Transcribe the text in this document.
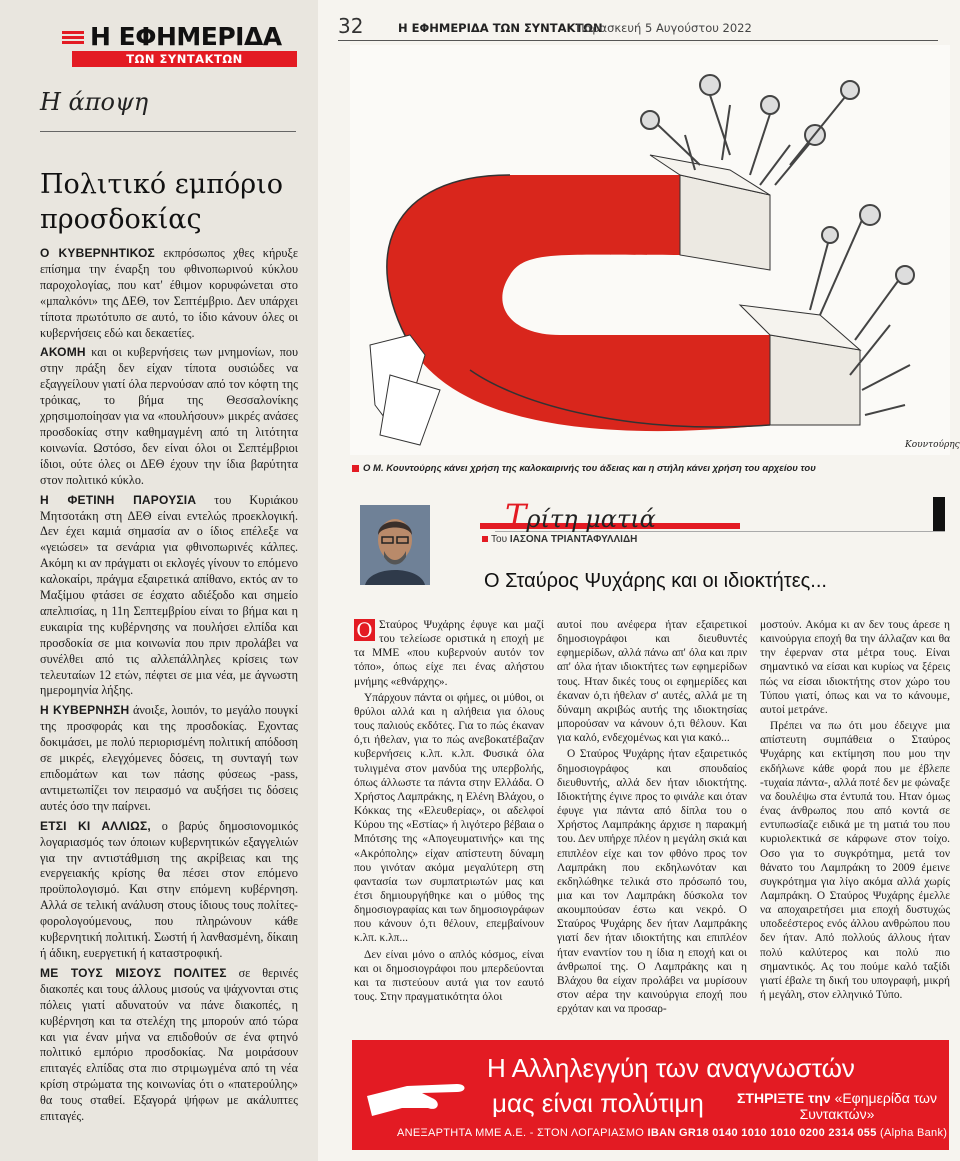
Η ΕΦΗΜΕΡΙΔΑ
ΤΩΝ ΣΥΝΤΑΚΤΩΝ
Η άποψη
Πολιτικό εμπόριο προσδοκίας

Ο ΚΥΒΕΡΝΗΤΙΚΟΣ εκπρόσωπος χθες κήρυξε επίσημα την έναρξη του φθινοπωρινού κύκλου παροχολογίας, που κατ' έθιμον κορυφώνεται στο «μπαλκόνι» της ΔΕΘ, τον Σεπτέμβριο. Δεν υπάρχει τίποτα πρωτότυπο σε αυτό, το ίδιο κάνουν όλες οι κυβερνήσεις εδώ και δεκαετίες.

ΑΚΟΜΗ και οι κυβερνήσεις των μνημονίων, που στην πράξη δεν είχαν τίποτα ουσιώδες να εξαγγείλουν γιατί όλα περνούσαν από τον κόφτη της τρόικας, το βήμα της Θεσσαλονίκης χρησιμοποίησαν για να «πουλήσουν» μικρές ανάσες προσδοκίας στην καθημαγμένη από τη λιτότητα κοινωνία. Ωστόσο, δεν είναι όλοι οι Σεπτέμβριοι ίδιοι, ούτε όλες οι ΔΕΘ έχουν την ίδια βαρύτητα στον πολιτικό κύκλο.

Η ΦΕΤΙΝΗ ΠΑΡΟΥΣΙΑ του Κυριάκου Μητσοτάκη στη ΔΕΘ είναι εντελώς προεκλογική. Δεν έχει καμιά σημασία αν ο ίδιος επέλεξε να «γειώσει» τα σενάρια για φθινοπωρινές κάλπες. Ακόμη κι αν πράγματι οι εκλογές γίνουν το επόμενο καλοκαίρι, πράγμα εξαιρετικά απίθανο, εκτός αν το Μαξίμου φτάσει σε έσχατο αδιέξοδο και σημείο απελπισίας, η 11η Σεπτεμβρίου είναι το βήμα και η ευκαιρία της κυβέρνησης να πουλήσει ελπίδα και προσδοκία σε μια κοινωνία που πριν προλάβει να συνέλθει από τις αλλεπάλληλες κρίσεις των τελευταίων 12 ετών, πέφτει σε μια νέα, με άγνωστη ημερομηνία λήξης.

Η ΚΥΒΕΡΝΗΣΗ άνοιξε, λοιπόν, το μεγάλο πουγκί της προσφοράς και της προσδοκίας. Εχοντας δοκιμάσει, με πολύ περιορισμένη πολιτική απόδοση σε μικρές, ελεγχόμενες δόσεις, τη συνταγή των επιδομάτων και των πάσης φύσεως -pass, αντιμετωπίζει τον πειρασμό να αυξήσει τις δόσεις αυτές όσο την παίρνει.

ΕΤΣΙ ΚΙ ΑΛΛΙΩΣ, ο βαρύς δημοσιονομικός λογαριασμός των όποιων κυβερνητικών εξαγγελιών για την αντιστάθμιση της ακρίβειας και της ενεργειακής κρίσης θα πέσει στον επόμενο προϋπολογισμό. Και στην επόμενη κυβέρνηση. Αλλά σε τελική ανάλυση στους ίδιους τους πολίτες-φορολογούμενους, που πληρώνουν κάθε κυβερνητική πολιτική. Σωστή ή λανθασμένη, δίκαιη ή άδικη, ευεργετική ή καταστροφική.

ΜΕ ΤΟΥΣ ΜΙΣΟΥΣ ΠΟΛΙΤΕΣ σε θερινές διακοπές και τους άλλους μισούς να ψάχνονται στις πόλεις γιατί αδυνατούν να πάνε διακοπές, η κυβέρνηση και τα στελέχη της μπορούν από τώρα και για έναν μήνα να επιδοθούν σε ένα φτηνό πολιτικό εμπόριο προσδοκίας. Να μοιράσουν επιταγές ελπίδας στα πιο στριμωγμένα από τη νέα κρίση στρώματα της κοινωνίας ότι ο «πατερούλης» θα τους σταθεί. Εξαγορά ψήφων με ακάλυπτες επιταγές.

32	Η ΕΦΗΜΕΡΙΔΑ ΤΩΝ ΣΥΝΤΑΚΤΩΝ
Παρασκευή 5 Αυγούστου 2022
Κουντούρης
Ο Μ. Κουντούρης κάνει χρήση της καλοκαιρινής του άδειας και η στήλη κάνει χρήση του αρχείου του
Τρίτη ματιά
Του ΙΑΣΟΝΑ ΤΡΙΑΝΤΑΦΥΛΛΙΔΗ
Ο Σταύρος Ψυχάρης και οι ιδιοκτήτες...

Ο Σταύρος Ψυχάρης έφυγε και μαζί του τελείωσε οριστικά η εποχή με τα ΜΜΕ «που κυβερνούν αυτόν τον τόπο», όπως είχε πει ένας αλήστου μνήμης «εθνάρχης».

Υπάρχουν πάντα οι φήμες, οι μύθοι, οι θρύλοι αλλά και η αλήθεια για όλους τους παλιούς εκδότες. Για το πώς έκαναν ό,τι ήθελαν, για το πώς ανεβοκατέβαζαν κυβερνήσεις κ.λπ. κ.λπ. Φυσικά όλα τυλιγμένα στον μανδύα της υπερβολής, όπως άλλωστε τα πάντα στην Ελλάδα. Ο Χρήστος Λαμπράκης, η Ελένη Βλάχου, ο Κόκκας της «Ελευθερίας», οι αδελφοί Κύρου της «Εστίας» ή λιγότερο βέβαια ο Μπότσης της «Απογευματινής» και της «Ακρόπολης» είχαν απίστευτη δύναμη που γινόταν ακόμα μεγαλύτερη στη φαντασία των συμπατριωτών μας και έτσι δημιουργήθηκε και ο μύθος της δημοσιογραφίας και των δημοσιογράφων που κάνουν ό,τι θέλουν, επεμβαίνουν κ.λπ. κ.λπ...

Δεν είναι μόνο ο απλός κόσμος, είναι και οι δημοσιογράφοι που μπερδεύονται και τα πιστεύουν αυτά για τον εαυτό τους. Στην πραγματικότητα όλοι

αυτοί που ανέφερα ήταν εξαιρετικοί δημοσιογράφοι και διευθυντές εφημερίδων, αλλά πάνω απ' όλα και πριν απ' όλα ήταν ιδιοκτήτες των εφημερίδων τους. Ηταν δικές τους οι εφημερίδες και έκαναν ό,τι ήθελαν σ' αυτές, αλλά με τη δύναμη ακριβώς αυτής της ιδιοκτησίας μπορούσαν να κάνουν ό,τι θέλουν. Και για καλό, ενδεχομένως και για κακό...

Ο Σταύρος Ψυχάρης ήταν εξαιρετικός δημοσιογράφος και σπουδαίος διευθυντής, αλλά δεν ήταν ιδιοκτήτης. Ιδιοκτήτης έγινε προς το φινάλε και όταν έφυγε για πάντα από δίπλα του ο Χρήστος Λαμπράκης άρχισε η παρακμή του. Δεν υπήρχε πλέον η μεγάλη σκιά και επιπλέον είχε και τον φθόνο προς τον Λαμπράκη που εκδηλωνόταν και εκδηλώθηκε τελικά στο πρόσωπό του, μια και τον Λαμπράκη δύσκολα τον ακουμπούσαν έστω και νεκρό. Ο Σταύρος Ψυχάρης δεν ήταν Λαμπράκης γιατί δεν ήταν ιδιοκτήτης και επιπλέον ήταν εναντίον του η ίδια η εποχή και οι άνθρωποί της. Ο Λαμπράκης και η Βλάχου θα είχαν προλάβει να μυρίσουν στον αέρα την καινούργια εποχή που ερχόταν και να προσαρ-

μοστούν. Ακόμα κι αν δεν τους άρεσε η καινούργια εποχή θα την άλλαζαν και θα την έφερναν στα μέτρα τους. Είναι σημαντικό να είσαι και κυρίως να ξέρεις πώς να είσαι ιδιοκτήτης στον χώρο του Τύπου γιατί, όπως και να το κάνουμε, αυτοί μετράνε.

Πρέπει να πω ότι μου έδειχνε μια απίστευτη συμπάθεια ο Σταύρος Ψυχάρης και εκτίμηση που μου την εκδήλωνε κάθε φορά που με έβλεπε -τυχαία πάντα-, αλλά ποτέ δεν με φώναξε να δουλέψω στα έντυπά του. Ηταν όμως ένας άνθρωπος που από κοντά σε εντυπωσίαζε ειδικά με τη ματιά του που κυριολεκτικά σε κάρφωνε στον τοίχο. Οσο για το συγκρότημα, μετά τον θάνατο του Λαμπράκη το 2009 έμεινε συγκρότημα για λίγο ακόμα αλλά χωρίς Λαμπράκη. Ο Σταύρος Ψυχάρης έμελλε να αποχαιρετήσει μια εποχή δυστυχώς υποδεέστερος ενός άλλου ανθρώπου που δεν ήταν. Από πολλούς άλλους ήταν πολύ καλύτερος και πολύ πιο σημαντικός. Ας του πούμε καλό ταξίδι γιατί έβαλε τη δική του υπογραφή, μικρή ή μεγάλη, στον ελληνικό Τύπο.

Η Αλληλεγγύη των αναγνωστών
μας είναι πολύτιμη ΣΤΗΡΙΞΤΕ την «Εφημερίδα των Συντακτών»
ΑΝΕΞΑΡΤΗΤΑ ΜΜΕ Α.Ε. - ΣΤΟΝ ΛΟΓΑΡΙΑΣΜΟ IBAN GR18 0140 1010 1010 0200 2314 055 (Alpha Bank)
